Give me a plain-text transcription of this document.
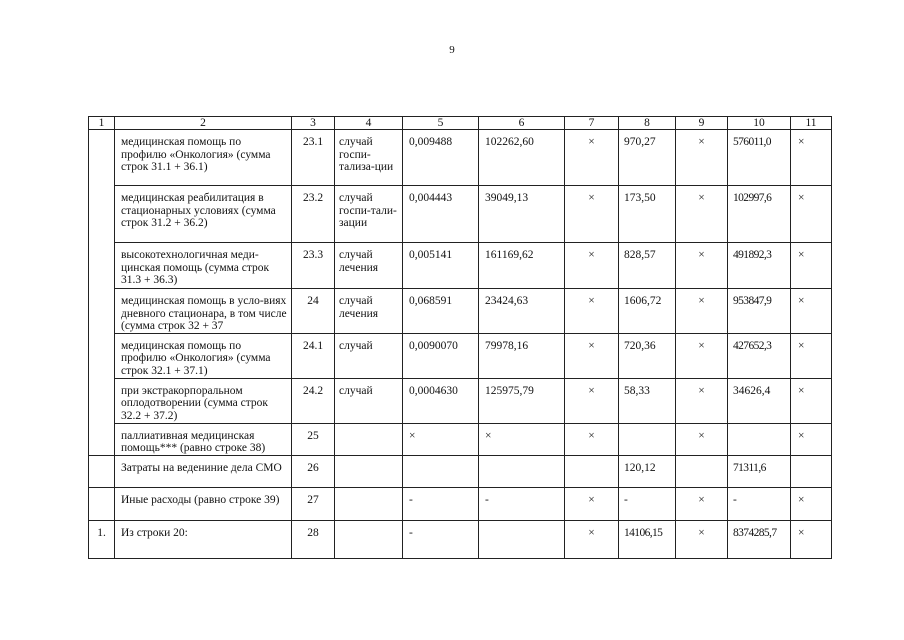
9
1	2	3	4	5	6	7	8	9	10	11
	медицинская помощь по профилю «Онкология» (сумма строк 31.1 + 36.1)	23.1	случай госпи-тализа-ции	0,009488	102262,60	×	970,27	×	576011,0	×
	медицинская реабилитация в стационарных условиях (сумма строк 31.2 + 36.2)	23.2	случай госпи-тали-зации	0,004443	39049,13	×	173,50	×	102997,6	×
	высокотехнологичная меди-цинская помощь (сумма строк 31.3 + 36.3)	23.3	случай лечения	0,005141	161169,62	×	828,57	×	491892,3	×
	медицинская помощь в усло-виях дневного стационара, в том числе (сумма строк 32 + 37	24	случай лечения	0,068591	23424,63	×	1606,72	×	953847,9	×
	медицинская помощь по профилю «Онкология» (сумма строк 32.1 + 37.1)	24.1	случай	0,0090070	79978,16	×	720,36	×	427652,3	×
	при экстракорпоральном оплодотворении (сумма строк 32.2 + 37.2)	24.2	случай	0,0004630	125975,79	×	58,33	×	34626,4	×
	паллиативная медицинская помощь*** (равно строке 38)	25		×	×	×		×		×
	Затраты на ведениние дела СМО	26					120,12		71311,6	
	Иные расходы (равно строке 39)	27		-	-	×	-	×	-	×
1.	Из строки 20:	28		-		×	14106,15	×	8374285,7	×
